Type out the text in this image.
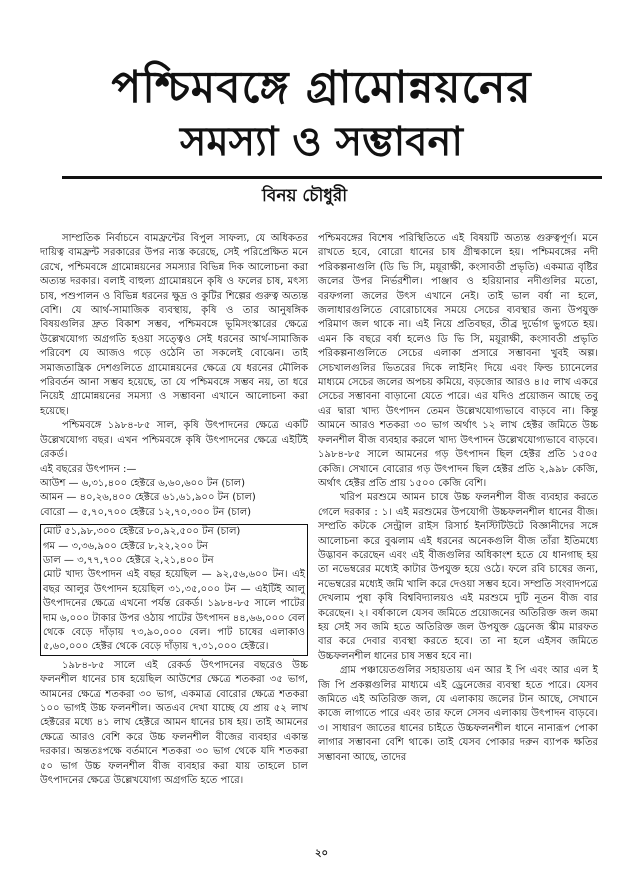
পশ্চিমবঙ্গে গ্রামোন্নয়নের
সমস্যা ও সম্ভাবনা
বিনয় চৌধুরী

সাম্প্রতিক নির্বাচনে বামফ্রন্টের বিপুল সাফল্য, যে অধিকতর দায়িত্ব বামফ্রন্ট সরকারের উপর ন্যস্ত করেছে, সেই পরিপ্রেক্ষিত মনে রেখে, পশ্চিমবঙ্গে গ্রামোন্নয়নের সমস্যার বিভিন্ন দিক আলোচনা করা অত্যন্ত দরকার। বলাই বাহুল্য গ্রামোন্নয়নে কৃষি ও ফলের চাষ, মৎস্য চাষ, পশুপালন ও বিভিন্ন ধরনের ক্ষুদ্র ও কুটির শিল্পের গুরুত্ব অত্যন্ত বেশি। যে আর্থ-সামাজিক ব্যবস্থায়, কৃষি ও তার আনুষঙ্গিক বিষয়গুলির দ্রুত বিকাশ সম্ভব, পশ্চিমবঙ্গে ভূমিসংস্কারের ক্ষেত্রে উল্লেখযোগ্য অগ্রগতি হওয়া সত্ত্বেও সেই ধরনের আর্থ-সামাজিক পরিবেশ যে আজও গড়ে ওঠেনি তা সকলেই বোঝেন। তাই সমাজতান্ত্রিক দেশগুলিতে গ্রামোন্নয়নের ক্ষেত্রে যে ধরনের মৌলিক পরিবর্তন আনা সম্ভব হয়েছে, তা যে পশ্চিমবঙ্গে সম্ভব নয়, তা ধরে নিয়েই গ্রামোন্নয়নের সমস্যা ও সম্ভাবনা এখানে আলোচনা করা হয়েছে।

পশ্চিমবঙ্গে ১৯৮৪-৮৫ সাল, কৃষি উৎপাদনের ক্ষেত্রে একটি উল্লেখযোগ্য বছর। এখন পশ্চিমবঙ্গে কৃষি উৎপাদনের ক্ষেত্রে এইটিই রেকর্ড।

এই বছরের উৎপাদন :—
আউশ — ৬,৩১,৪০০ হেক্টরে ৬,৬০,৬০০ টন (চাল)
আমন — ৪০,২৬,৪০০ হেক্টরে ৬১,৬১,৯০০ টন (চাল)
বোরো — ৫,৭০,৭০০ হেক্টরে ১২,৭০,৩০০ টন (চাল)
মোট ৫১,৯৮,৩০০ হেক্টরে ৮০,৯২,৫০০ টন (চাল)
গম — ৩,৩৬,৯০০ হেক্টরে ৮,২২,২০০ টন
ডাল — ৩,৭৭,৭০০ হেক্টরে ২,২১,৪০০ টন

মোট খাদ্য উৎপাদন এই বছর হয়েছিল — ৯২,৫৬,৬০০ টন। এই বছর আলুর উৎপাদন হয়েছিল ৩১,৩৫,০০০ টন — এইটিই আলু উৎপাদনের ক্ষেত্রে এখনো পর্যন্ত রেকর্ড। ১৯৮৪-৮৫ সালে পাটের দাম ৬,০০০ টাকার উপর ওঠায় পাটের উৎপাদন ৪৪,৬৬,০০০ বেল থেকে বেড়ে দাঁড়ায় ৭৩,৯০,০০০ বেল। পাট চাষের এলাকাও ৫,৬০,০০০ হেক্টর থেকে বেড়ে দাঁড়ায় ৭,৩১,০০০ হেক্টরে।

১৯৮৪-৮৫ সালে এই রেকর্ড উৎপাদনের বছরেও উচ্চ ফলনশীল ধানের চাষ হয়েছিল আউশের ক্ষেত্রে শতকরা ৩৫ ভাগ, আমনের ক্ষেত্রে শতকরা ৩০ ভাগ, একমাত্র বোরোর ক্ষেত্রে শতকরা ১০০ ভাগই উচ্চ ফলনশীল। অতএব দেখা যাচ্ছে যে প্রায় ৫২ লাখ হেক্টরের মধ্যে ৪১ লাখ হেক্টরে আমন ধানের চাষ হয়। তাই আমনের ক্ষেত্রে আরও বেশি করে উচ্চ ফলনশীল বীজের ব্যবহার একান্ত দরকার। অন্ততঃপক্ষে বর্তমানে শতকরা ৩০ ভাগ থেকে যদি শতকরা ৫০ ভাগ উচ্চ ফলনশীল বীজ ব্যবহার করা যায় তাহলে চাল উৎপাদনের ক্ষেত্রে উল্লেখযোগ্য অগ্রগতি হতে পারে।

পশ্চিমবঙ্গের বিশেষ পরিস্থিতিতে এই বিষয়টি অত্যন্ত গুরুত্বপূর্ণ। মনে রাখতে হবে, বোরো ধানের চাষ গ্রীষ্মকালে হয়। পশ্চিমবঙ্গের নদী পরিকল্পনাগুলি (ডি ভি সি, ময়ূরাক্ষী, কংসাবতী প্রভৃতি) একমাত্র বৃষ্টির জলের উপর নির্ভরশীল। পাঞ্জাব ও হরিয়ানার নদীগুলির মতো, বরফগলা জলের উৎস এখানে নেই। তাই ভাল বর্ষা না হলে, জলাধারগুলিতে বোরোচাষের সময়ে সেচের ব্যবস্থার জন্য উপযুক্ত পরিমাণ জল থাকে না। এই নিয়ে প্রতিবছর, তীব্র দুর্ভোগ ভুগতে হয়। এমন কি বছরে বর্ষা হলেও ডি ভি সি, ময়ূরাক্ষী, কংসাবতী প্রভৃতি পরিকল্পনাগুলিতে সেচের এলাকা প্রসারে সম্ভাবনা খুবই অল্প। সেচখালগুলির ভিতরের দিকে লাইনিং দিয়ে এবং ফিল্ড চ্যানেলের মাধ্যমে সেচের জলের অপচয় কমিয়ে, বড়জোর আরও ৪।৫ লাখ একরে সেচের সম্ভাবনা বাড়ানো যেতে পারে। এর যদিও প্রয়োজন আছে তবু এর দ্বারা খাদ্য উৎপাদন তেমন উল্লেখযোগ্যভাবে বাড়বে না। কিন্তু আমনে আরও শতকরা ৩০ ভাগ অর্থাৎ ১২ লাখ হেক্টর জমিতে উচ্চ ফলনশীল বীজ ব্যবহার করলে খাদ্য উৎপাদন উল্লেখযোগ্যভাবে বাড়বে। ১৯৮৪-৮৫ সালে আমনের গড় উৎপাদন ছিল হেক্টর প্রতি ১৫০৫ কেজি। সেখানে বোরোর গড় উৎপাদন ছিল হেক্টর প্রতি ২,৯৯৮ কেজি, অর্থাৎ হেক্টর প্রতি প্রায় ১৫০০ কেজি বেশি।

খরিপ মরশুমে আমন চাষে উচ্চ ফলনশীল বীজ ব্যবহার করতে গেলে দরকার : ১। এই মরশুমের উপযোগী উচ্চফলনশীল ধানের বীজ। সম্প্রতি কটকে সেন্ট্রাল রাইস রিসার্চ ইনস্টিটিউটে বিজ্ঞানীদের সঙ্গে আলোচনা করে বুঝলাম এই ধরনের অনেকগুলি বীজ তাঁরা ইতিমধ্যে উদ্ভাবন করেছেন এবং এই বীজগুলির অধিকাংশ হতে যে ধানগাছ হয় তা নভেম্বরের মধ্যেই কাটার উপযুক্ত হয়ে ওঠে। ফলে রবি চাষের জন্য, নভেম্বরের মধ্যেই জমি খালি করে দেওয়া সম্ভব হবে। সম্প্রতি সংবাদপত্রে দেখলাম পুষা কৃষি বিশ্ববিদ্যালয়ও এই মরশুমে দুটি নূতন বীজ বার করেছেন। ২। বর্ষাকালে যেসব জমিতে প্রয়োজনের অতিরিক্ত জল জমা হয় সেই সব জমি হতে অতিরিক্ত জল উপযুক্ত ড্রেনেজ স্কীম মারফত বার করে দেবার ব্যবস্থা করতে হবে। তা না হলে এইসব জমিতে উচ্চফলনশীল ধানের চাষ সম্ভব হবে না।

গ্রাম পঞ্চায়েতগুলির সহায়তায় এন আর ই পি এবং আর এল ই জি পি প্রকল্পগুলির মাধ্যমে এই ড্রেনেজের ব্যবস্থা হতে পারে। যেসব জমিতে এই অতিরিক্ত জল, যে এলাকায় জলের টান আছে, সেখানে কাজে লাগাতে পারে এবং তার ফলে সেসব এলাকায় উৎপাদন বাড়বে। ৩। সাধারণ জাতের ধানের চাইতে উচ্চফলনশীল ধানে নানারূপ পোকা লাগার সম্ভাবনা বেশি থাকে। তাই যেসব পোকার দরুন ব্যাপক ক্ষতির সম্ভাবনা আছে, তাদের

২০
